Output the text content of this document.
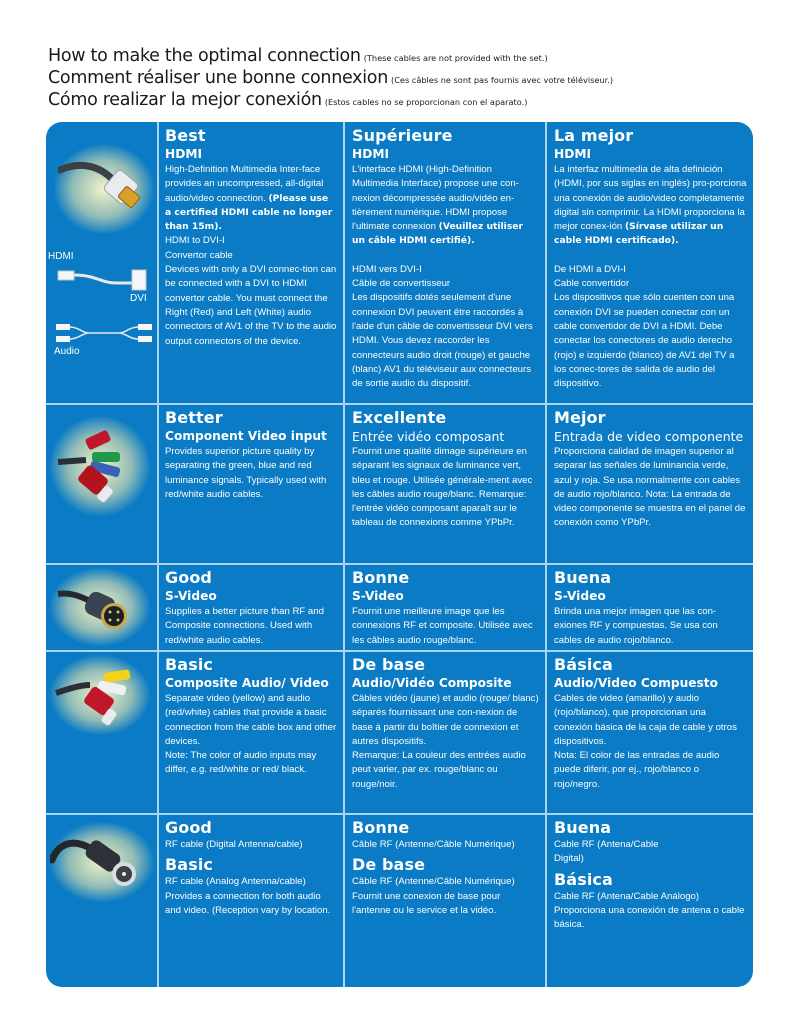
How to make the optimal connection (These cables are not provided with the set.)
Comment réaliser une bonne connexion (Ces câbles ne sont pas fournis avec votre téléviseur.)
Cómo realizar la mejor conexión (Estos cables no se proporcionan con el aparato.)
HDMI
DVI
Audio
Best
HDMI

High-Definition Multimedia Inter-face provides an uncompressed, all-digital audio/video connection. (Please use a certified HDMI cable no longer than 15m).

HDMI to DVI-I

Convertor cable

Devices with only a DVI connec-tion can be connected with a DVI to HDMI convertor cable. You must connect the Right (Red) and Left (White) audio connectors of AV1 of the TV to the audio output connectors of the device.

Supérieure
HDMI

L'interface HDMI (High-Definition Multimedia Interface) propose une con-nexion décompressée audio/vidéo en-tièrement numérique. HDMI propose l'ultimate connexion (Veuillez utiliser un câble HDMI certifié).

HDMI vers DVI-I

Câble de convertisseur

Les dispositifs dotés seulement d'une connexion DVI peuvent être raccordés à l'aide d'un câble de convertisseur DVI vers HDMI. Vous devez raccorder les connecteurs audio droit (rouge) et gauche (blanc) AV1 du téléviseur aux connecteurs de sortie audio du dispositif.

La mejor
HDMI

La interfaz multimedia de alta definición (HDMI, por sus siglas en inglés) pro-porciona una conexión de audio/video completamente digital sin comprimir. La HDMI proporciona la mejor conex-ión (Sírvase utilizar un cable HDMI certificado).

De HDMI a DVI-I

Cable convertidor

Los dispositivos que sólo cuenten con una conexión DVI se pueden conectar con un cable convertidor de DVI a HDMI. Debe conectar los conectores de audio derecho (rojo) e izquierdo (blanco) de AV1 del TV a los conec-tores de salida de audio del dispositivo.

Better
Component Video input

Provides superior picture quality by separating the green, blue and red luminance signals. Typically used with red/white audio cables.

Excellente
Entrée vidéo composant

Fournit une qualité dimage supérieure en séparant les signaux de luminance vert, bleu et rouge. Utilisée générale-ment avec les câbles audio rouge/blanc. Remarque: l'entrée vidéo composant aparaît sur le tableau de connexions comme YPbPr.

Mejor
Entrada de video componente

Proporciona calidad de imagen superior al separar las señales de luminancia verde, azul y roja. Se usa normalmente con cables de audio rojo/blanco. Nota: La entrada de video componente se muestra en el panel de conexión como YPbPr.

Good
S-Video

Supplies a better picture than RF and Composite connections. Used with red/white audio cables.

Bonne
S-Video

Fournit une meilleure image que les connexions RF et composite. Utilisée avec les câbles audio rouge/blanc.

Buena
S-Video

Brinda una mejor imagen que las con-exiones RF y compuestas. Se usa con cables de audio rojo/blanco.

Basic
Composite Audio/ Video

Separate video (yellow) and audio (red/white) cables that provide a basic connection from the cable box and other devices.

Note: The color of audio inputs may differ, e.g. red/white or red/ black.

De base
Audio/Vidéo Composite

Câbles vidéo (jaune) et audio (rouge/ blanc) séparés fournissant une con-nexion de base à partir du boîtier de connexion et autres dispositifs.

Remarque: La couleur des entrées audio peut varier, par ex. rouge/blanc ou rouge/noir.

Básica
Audio/Video Compuesto

Cables de video (amarillo) y audio (rojo/blanco), que proporcionan una conexión básica de la caja de cable y otros dispositivos.

Nota: El color de las entradas de audio puede diferir, por ej., rojo/blanco o rojo/negro.

Good

RF cable (Digital Antenna/cable)

Basic

RF cable (Analog Antenna/cable)

Provides a connection for both audio and video. (Reception vary by location.

Bonne

Câble RF (Antenne/Câble Numérique)

De base

Câble RF (Antenne/Câble Numérique)

Fournit une conexion de base pour l'antenne ou le service et la vidéo.

Buena

Cable RF (Antena/Cable Digital)

Básica

Cable RF (Antena/Cable Análogo)

Proporciona una conexión de antena o cable básica.
